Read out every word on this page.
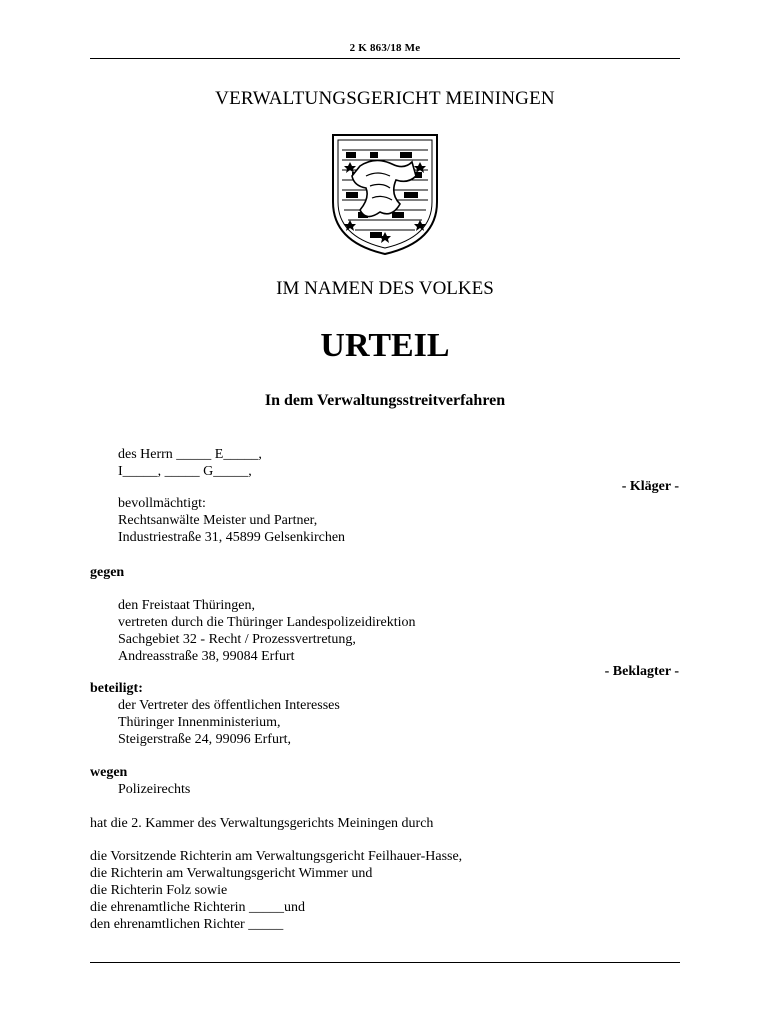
2 K 863/18 Me
VERWALTUNGSGERICHT MEININGEN
IM NAMEN DES VOLKES
URTEIL
In dem Verwaltungsstreitverfahren
des Herrn _____ E_____,
I_____, _____ G_____,
- Kläger -
bevollmächtigt:
Rechtsanwälte Meister und Partner,
Industriestraße 31, 45899 Gelsenkirchen
gegen
den Freistaat Thüringen,
vertreten durch die Thüringer Landespolizeidirektion
Sachgebiet 32 - Recht / Prozessvertretung,
Andreasstraße 38, 99084 Erfurt
- Beklagter -
beteiligt:
der Vertreter des öffentlichen Interesses
Thüringer Innenministerium,
Steigerstraße 24, 99096 Erfurt,
wegen
Polizeirechts
hat die 2. Kammer des Verwaltungsgerichts Meiningen durch
die Vorsitzende Richterin am Verwaltungsgericht Feilhauer-Hasse,
die Richterin am Verwaltungsgericht Wimmer und
die Richterin Folz sowie
die ehrenamtliche Richterin _____und
den ehrenamtlichen Richter _____
